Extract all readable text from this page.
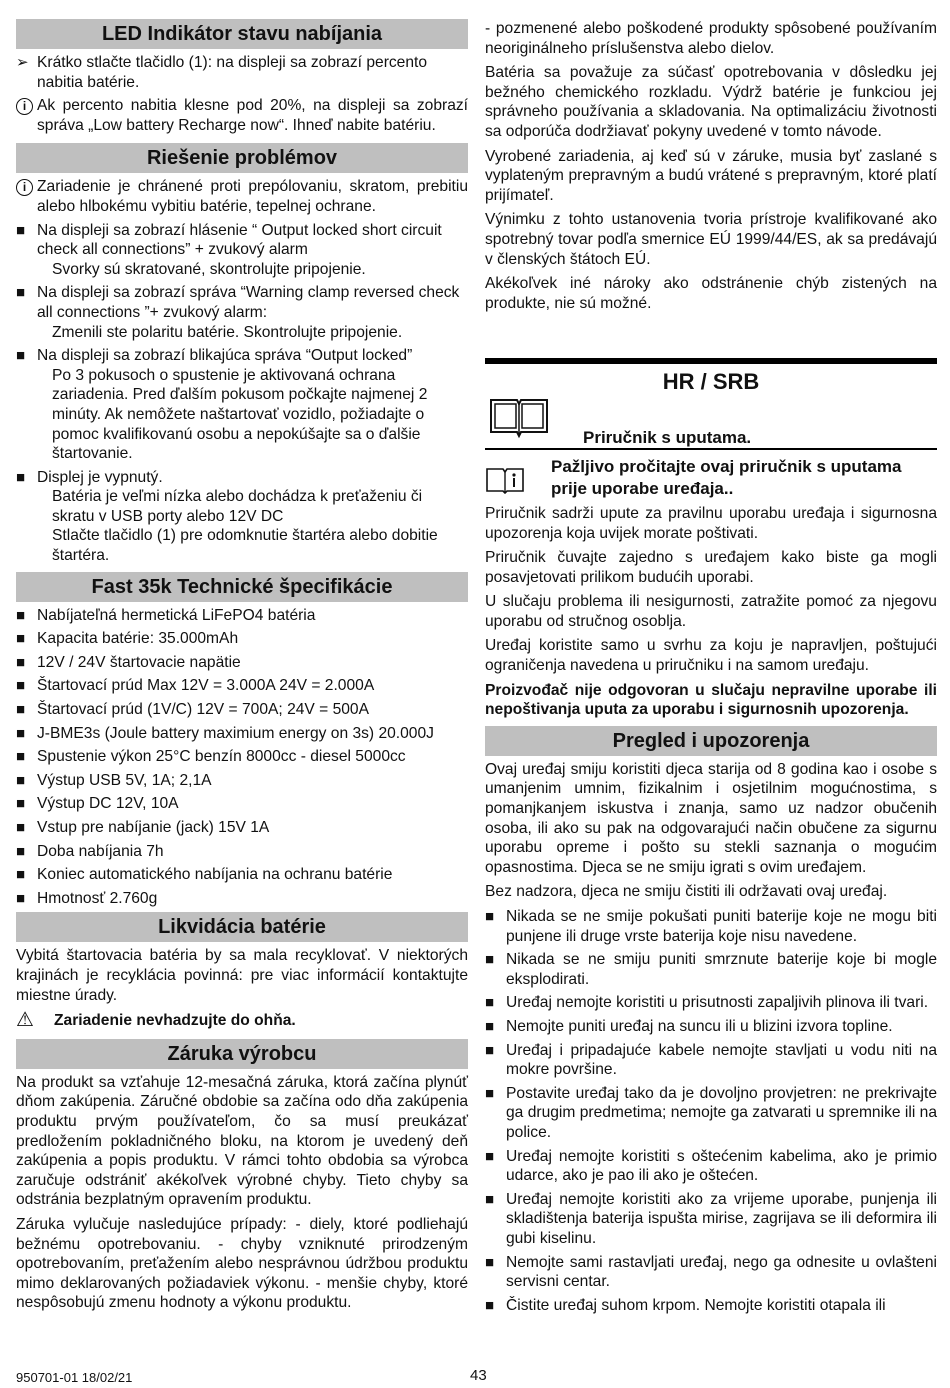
LED Indikátor stavu nabíjania
➢ Krátko stlačte tlačidlo (1): na displeji sa zobrazí percento nabitia batérie.
i Ak percento nabitia klesne pod 20%, na displeji sa zobrazí správa „Low battery Recharge now“. Ihneď nabite batériu.
Riešenie problémov
i Zariadenie je chránené proti prepólovaniu, skratom, prebitiu alebo hlbokému vybitiu batérie, tepelnej ochrane.
■ Na displeji sa zobrazí hlásenie “ Output locked short circuit check all connections” + zvukový alarm
Svorky sú skratované, skontrolujte pripojenie.
■ Na displeji sa zobrazí správa “Warning clamp reversed check all connections ”+ zvukový alarm:
Zmenili ste polaritu batérie. Skontrolujte pripojenie.
■ Na displeji sa zobrazí blikajúca správa “Output locked”
Po 3 pokusoch o spustenie je aktivovaná ochrana zariadenia. Pred ďalším pokusom počkajte najmenej 2 minúty. Ak nemôžete naštartovať vozidlo, požiadajte o pomoc kvalifikovanú osobu a nepokúšajte sa o ďalšie štartovanie.
■ Displej je vypnutý.
Batéria je veľmi nízka alebo dochádza k preťaženiu či skratu v USB porty alebo 12V DC
Stlačte tlačidlo (1) pre odomknutie štartéra alebo dobitie štartéra.
Fast 35k Technické špecifikácie
■ Nabíjateľná hermetická LiFePO4 batéria
■ Kapacita batérie: 35.000mAh
■ 12V / 24V štartovacie napätie
■ Štartovací prúd Max 12V = 3.000A 24V = 2.000A
■ Štartovací prúd (1V/C) 12V = 700A; 24V = 500A
■ J-BME3s (Joule battery maximium energy on 3s) 20.000J
■ Spustenie výkon 25°C benzín 8000cc - diesel 5000cc
■ Výstup USB 5V, 1A; 2,1A
■ Výstup DC 12V, 10A
■ Vstup pre nabíjanie (jack) 15V 1A
■ Doba nabíjania 7h
■ Koniec automatického nabíjania na ochranu batérie
■ Hmotnosť 2.760g
Likvidácia batérie
Vybitá štartovacia batéria by sa mala recyklovať. V niektorých krajinách je recyklácia povinná: pre viac informácií kontaktujte miestne úrady.
⚠	Zariadenie nevhadzujte do ohňa.
Záruka výrobcu
Na produkt sa vzťahuje 12-mesačná záruka, ktorá začína plynúť dňom zakúpenia. Záručné obdobie sa začína odo dňa zakúpenia produktu prvým používateľom, čo sa musí preukázať predložením pokladničného bloku, na ktorom je uvedený deň zakúpenia a popis produktu. V rámci tohto obdobia sa výrobca zaručuje odstrániť akékoľvek výrobné chyby. Tieto chyby sa odstránia bezplatným opravením produktu.
Záruka vylučuje nasledujúce prípady: - diely, ktoré podliehajú bežnému opotrebovaniu. - chyby vzniknuté prirodzeným opotrebovaním, preťažením alebo nesprávnou údržbou produktu mimo deklarovaných požiadaviek výkonu. - menšie chyby, ktoré nespôsobujú zmenu hodnoty a výkonu produktu.
- pozmenené alebo poškodené produkty spôsobené používaním neoriginálneho príslušenstva alebo dielov.
Batéria sa považuje za súčasť opotrebovania v dôsledku jej bežného chemického rozkladu. Výdrž batérie je funkciou jej správneho používania a skladovania. Na optimalizáciu životnosti sa odporúča dodržiavať pokyny uvedené v tomto návode.
Vyrobené zariadenia, aj keď sú v záruke, musia byť zaslané s vyplateným prepravným a budú vrátené s prepravným, ktoré platí prijímateľ.
Výnimku z tohto ustanovenia tvoria prístroje kvalifikované ako spotrebný tovar podľa smernice EÚ 1999/44/ES, ak sa predávajú v členských štátoch EÚ.
Akékoľvek iné nároky ako odstránenie chýb zistených na produkte, nie sú možné.
HR / SRB
Priručnik s uputama.
Pažljivo pročitajte ovaj priručnik s uputama prije uporabe uređaja..
Priručnik sadrži upute za pravilnu uporabu uređaja i sigurnosna upozorenja koja uvijek morate poštivati.
Priručnik čuvajte zajedno s uređajem kako biste ga mogli posavjetovati prilikom budućih uporabi.
U slučaju problema ili nesigurnosti, zatražite pomoć za njegovu uporabu od stručnog osoblja.
Uređaj koristite samo u svrhu za koju je napravljen, poštujući ograničenja navedena u priručniku i na samom uređaju.
Proizvođač nije odgovoran u slučaju nepravilne uporabe ili nepoštivanja uputa za uporabu i sigurnosnih upozorenja.
Pregled i upozorenja
Ovaj uređaj smiju koristiti djeca starija od 8 godina kao i osobe s umanjenim umnim, fizikalnim i osjetilnim mogućnostima, s pomanjkanjem iskustva i znanja, samo uz nadzor obučenih osoba, ili ako su pak na odgovarajući način obučene za sigurnu uporabu opreme i pošto su stekli saznanja o mogućim opasnostima. Djeca se ne smiju igrati s ovim uređajem.
Bez nadzora, djeca ne smiju čistiti ili održavati ovaj uređaj.
■ Nikada se ne smije pokušati puniti baterije koje ne mogu biti punjene ili druge vrste baterija koje nisu navedene.
■ Nikada se ne smiju puniti smrznute baterije koje bi mogle eksplodirati.
■ Uređaj nemojte koristiti u prisutnosti zapaljivih plinova ili tvari.
■ Nemojte puniti uređaj na suncu ili u blizini izvora topline.
■ Uređaj i pripadajuće kabele nemojte stavljati u vodu niti na mokre površine.
■ Postavite uređaj tako da je dovoljno provjetren: ne prekrivajte ga drugim predmetima; nemojte ga zatvarati u spremnike ili na police.
■ Uređaj nemojte koristiti s oštećenim kabelima, ako je primio udarce, ako je pao ili ako je oštećen.
■ Uređaj nemojte koristiti ako za vrijeme uporabe, punjenja ili skladištenja baterija ispušta mirise, zagrijava se ili deformira ili gubi kiselinu.
■ Nemojte sami rastavljati uređaj, nego ga odnesite u ovlašteni servisni centar.
■ Čistite uređaj suhom krpom. Nemojte koristiti otapala ili
950701-01 18/02/21	43
